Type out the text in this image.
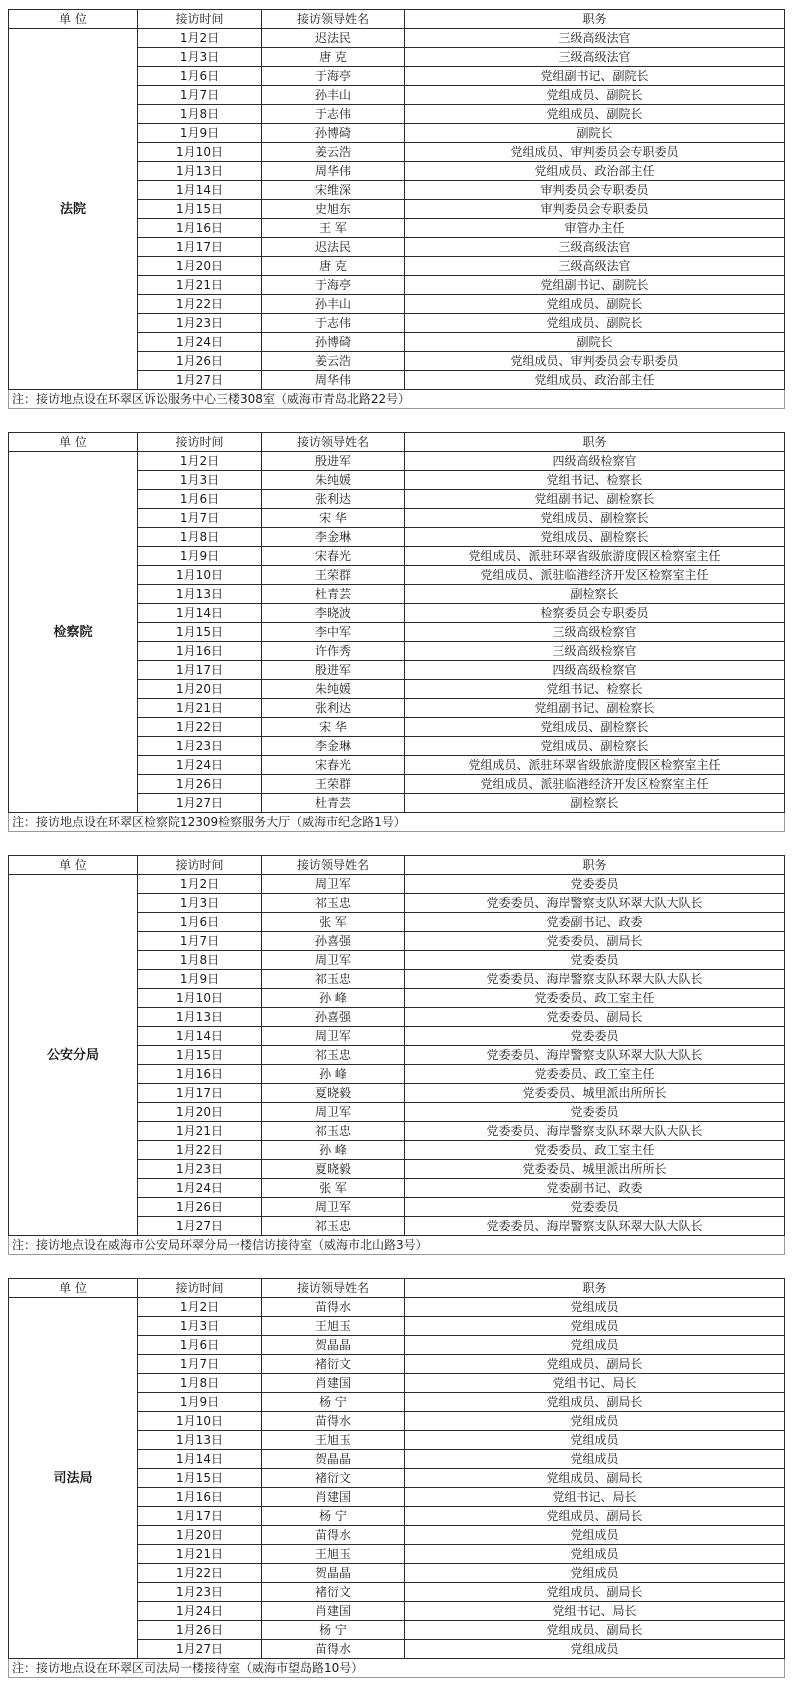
单 位	接访时间	接访领导姓名	职务
法院	1月2日	迟法民	三级高级法官
	1月3日	唐 克	三级高级法官
	1月6日	于海亭	党组副书记、副院长
	1月7日	孙丰山	党组成员、副院长
	1月8日	于志伟	党组成员、副院长
	1月9日	孙博碕	副院长
	1月10日	姜云浩	党组成员、审判委员会专职委员
	1月13日	周华伟	党组成员、政治部主任
	1月14日	宋维深	审判委员会专职委员
	1月15日	史旭东	审判委员会专职委员
	1月16日	王 军	审管办主任
	1月17日	迟法民	三级高级法官
	1月20日	唐 克	三级高级法官
	1月21日	于海亭	党组副书记、副院长
	1月22日	孙丰山	党组成员、副院长
	1月23日	于志伟	党组成员、副院长
	1月24日	孙博碕	副院长
	1月26日	姜云浩	党组成员、审判委员会专职委员
	1月27日	周华伟	党组成员、政治部主任
注：接访地点设在环翠区诉讼服务中心三楼308室（威海市青岛北路22号）			
单 位	接访时间	接访领导姓名	职务
检察院	1月2日	殷进军	四级高级检察官
	1月3日	朱纯媛	党组书记、检察长
	1月6日	张利达	党组副书记、副检察长
	1月7日	宋 华	党组成员、副检察长
	1月8日	李金琳	党组成员、副检察长
	1月9日	宋春光	党组成员、派驻环翠省级旅游度假区检察室主任
	1月10日	王荣群	党组成员、派驻临港经济开发区检察室主任
	1月13日	杜青芸	副检察长
	1月14日	李晓波	检察委员会专职委员
	1月15日	李中军	三级高级检察官
	1月16日	许作秀	三级高级检察官
	1月17日	殷进军	四级高级检察官
	1月20日	朱纯媛	党组书记、检察长
	1月21日	张利达	党组副书记、副检察长
	1月22日	宋 华	党组成员、副检察长
	1月23日	李金琳	党组成员、副检察长
	1月24日	宋春光	党组成员、派驻环翠省级旅游度假区检察室主任
	1月26日	王荣群	党组成员、派驻临港经济开发区检察室主任
	1月27日	杜青芸	副检察长
注：接访地点设在环翠区检察院12309检察服务大厅（威海市纪念路1号）			
单 位	接访时间	接访领导姓名	职务
公安分局	1月2日	周卫军	党委委员
	1月3日	祁玉忠	党委委员、海岸警察支队环翠大队大队长
	1月6日	张 军	党委副书记、政委
	1月7日	孙喜强	党委委员、副局长
	1月8日	周卫军	党委委员
	1月9日	祁玉忠	党委委员、海岸警察支队环翠大队大队长
	1月10日	孙 峰	党委委员、政工室主任
	1月13日	孙喜强	党委委员、副局长
	1月14日	周卫军	党委委员
	1月15日	祁玉忠	党委委员、海岸警察支队环翠大队大队长
	1月16日	孙 峰	党委委员、政工室主任
	1月17日	夏晓毅	党委委员、城里派出所所长
	1月20日	周卫军	党委委员
	1月21日	祁玉忠	党委委员、海岸警察支队环翠大队大队长
	1月22日	孙 峰	党委委员、政工室主任
	1月23日	夏晓毅	党委委员、城里派出所所长
	1月24日	张 军	党委副书记、政委
	1月26日	周卫军	党委委员
	1月27日	祁玉忠	党委委员、海岸警察支队环翠大队大队长
注：接访地点设在威海市公安局环翠分局一楼信访接待室（威海市北山路3号）			
单 位	接访时间	接访领导姓名	职务
司法局	1月2日	苗得水	党组成员
	1月3日	王旭玉	党组成员
	1月6日	贺晶晶	党组成员
	1月7日	褚衍文	党组成员、副局长
	1月8日	肖建国	党组书记、局长
	1月9日	杨 宁	党组成员、副局长
	1月10日	苗得水	党组成员
	1月13日	王旭玉	党组成员
	1月14日	贺晶晶	党组成员
	1月15日	褚衍文	党组成员、副局长
	1月16日	肖建国	党组书记、局长
	1月17日	杨 宁	党组成员、副局长
	1月20日	苗得水	党组成员
	1月21日	王旭玉	党组成员
	1月22日	贺晶晶	党组成员
	1月23日	褚衍文	党组成员、副局长
	1月24日	肖建国	党组书记、局长
	1月26日	杨 宁	党组成员、副局长
	1月27日	苗得水	党组成员
注：接访地点设在环翠区司法局一楼接待室（威海市望岛路10号）			
